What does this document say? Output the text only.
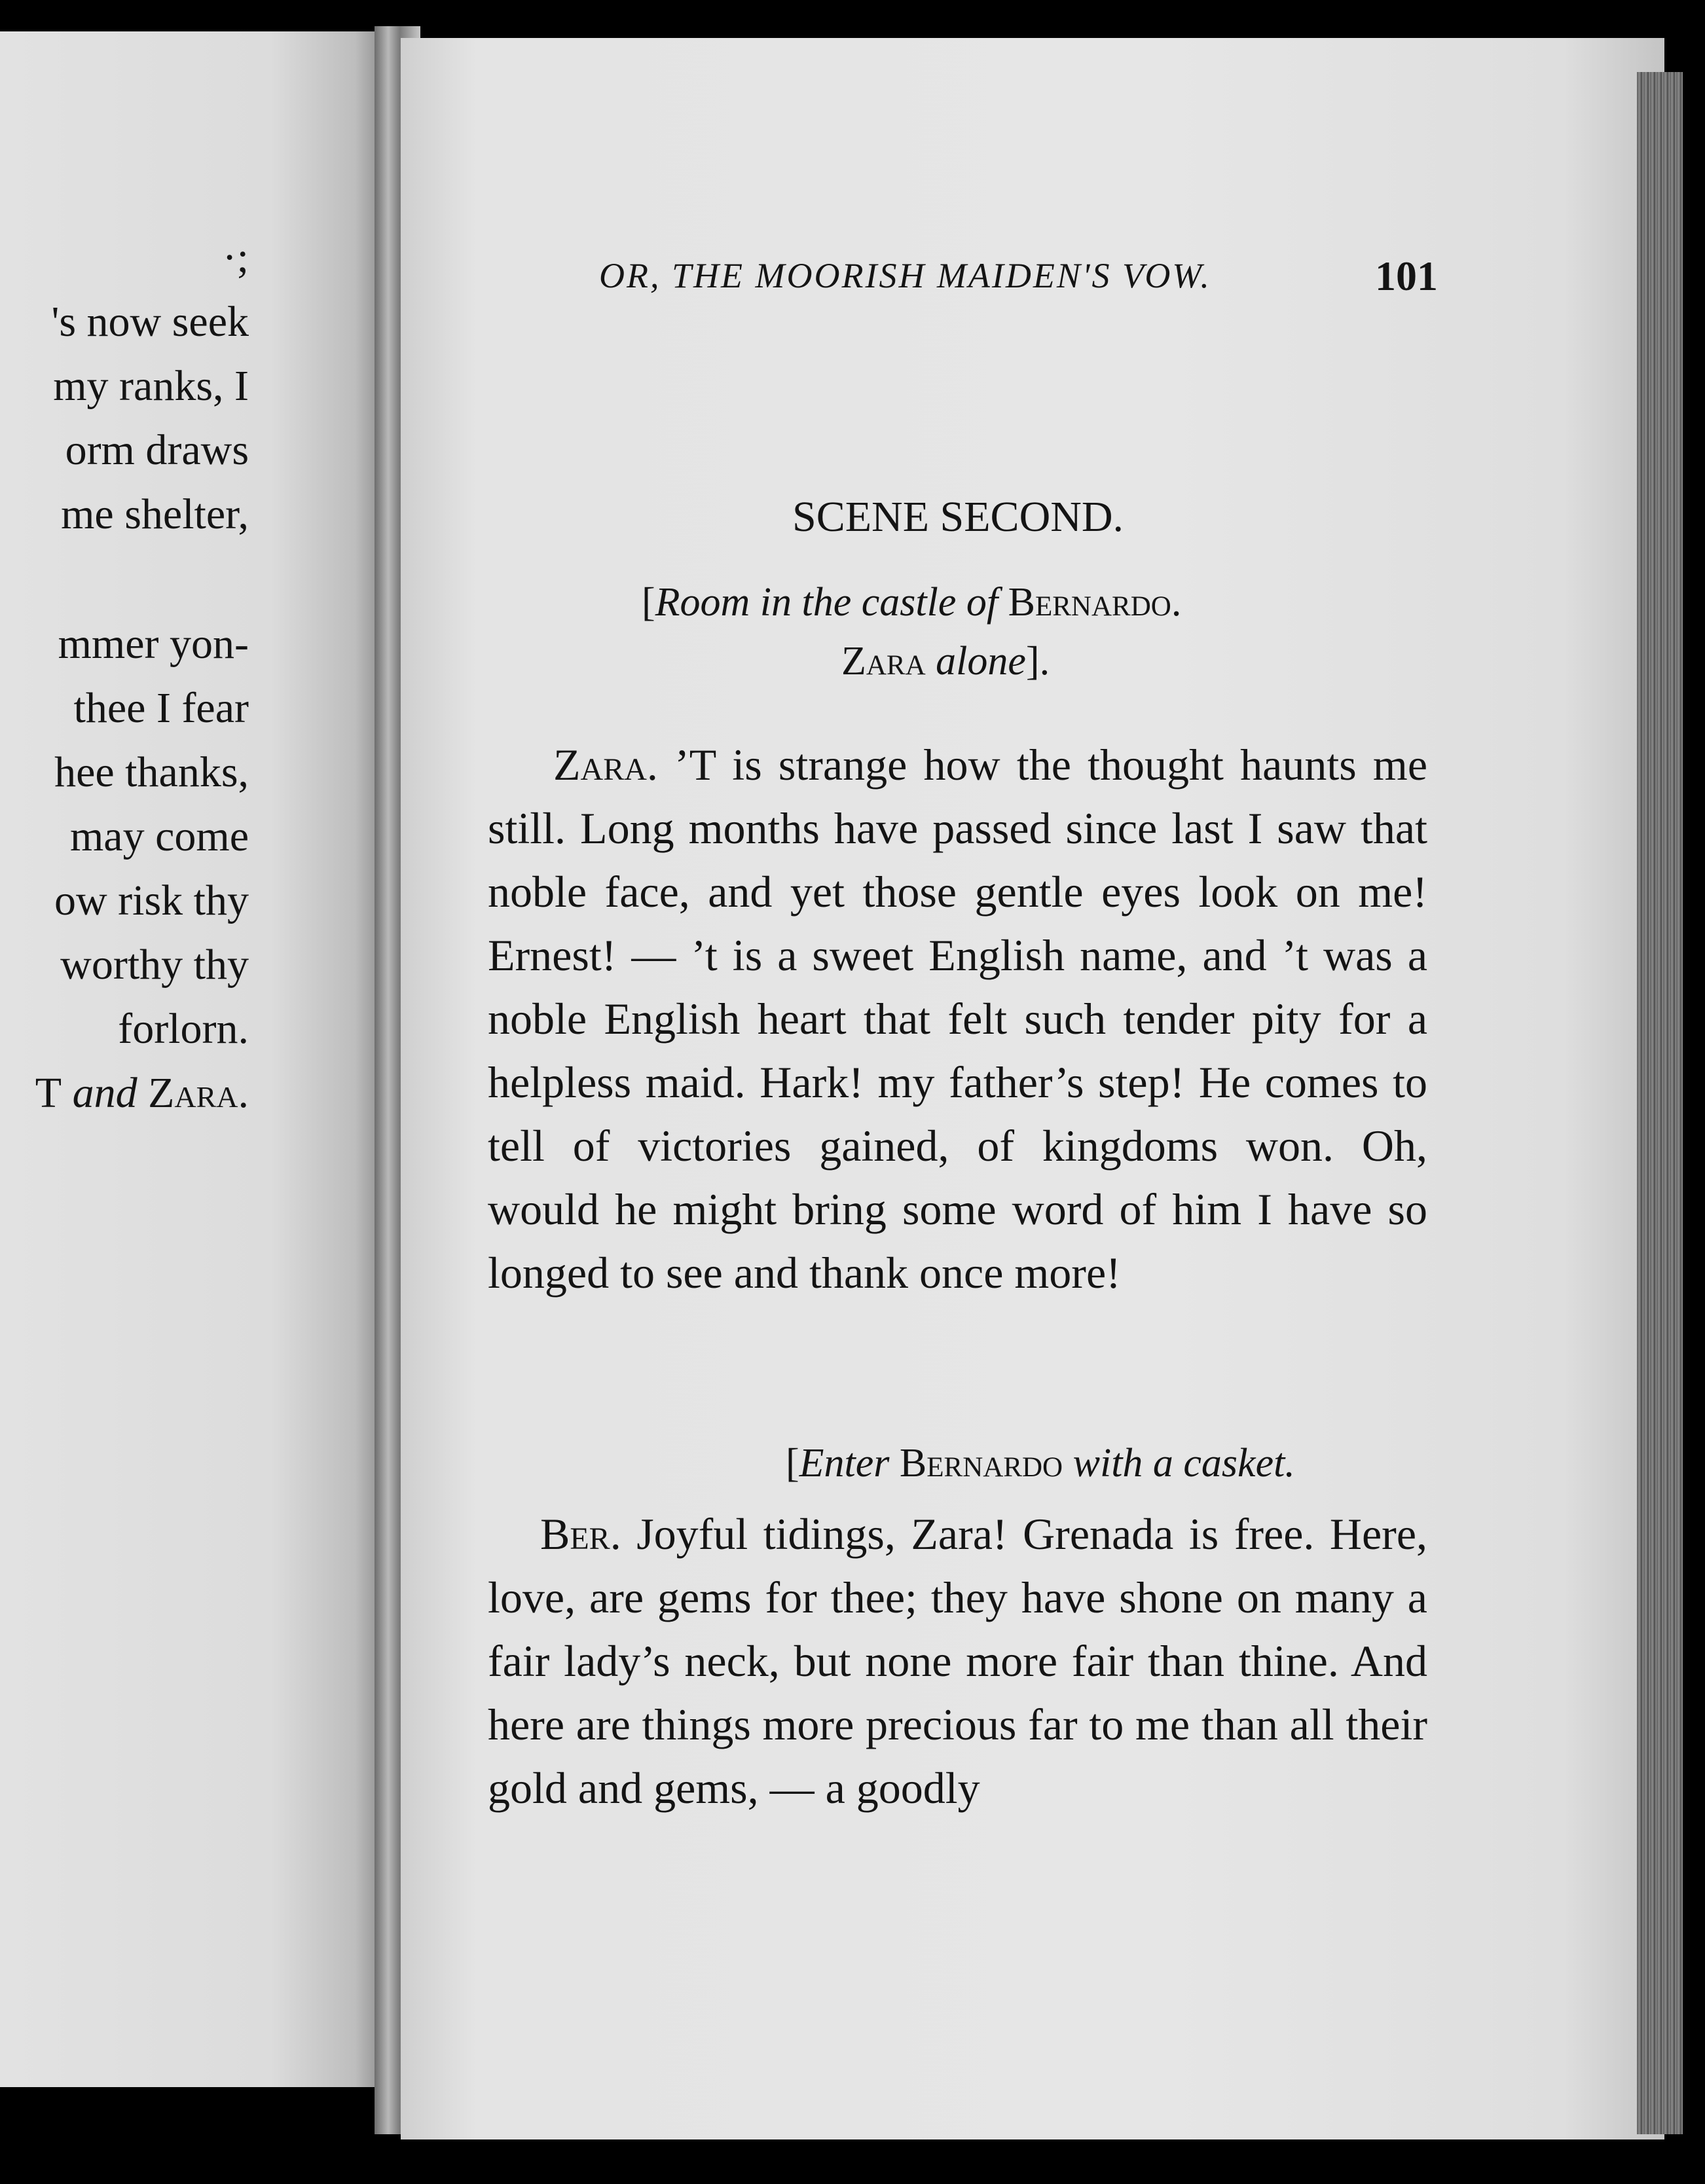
·;
's now seek
my ranks, I
orm draws
me shelter,
mmer yon-
thee I fear
hee thanks,
may come
ow risk thy
worthy thy
forlorn.
T and Zara.
OR, THE MOORISH MAIDEN'S VOW.	101
SCENE SECOND.
[Room in the castle of Bernardo.
Zara alone].
Zara. ’T is strange how the thought haunts me still. Long months have passed since last I saw that noble face, and yet those gentle eyes look on me! Ernest! — ’t is a sweet English name, and ’t was a noble English heart that felt such tender pity for a helpless maid. Hark! my father’s step! He comes to tell of victories gained, of kingdoms won. Oh, would he might bring some word of him I have so longed to see and thank once more!
[Enter Bernardo with a casket.
Ber. Joyful tidings, Zara! Grenada is free. Here, love, are gems for thee; they have shone on many a fair lady’s neck, but none more fair than thine. And here are things more precious far to me than all their gold and gems, — a goodly
